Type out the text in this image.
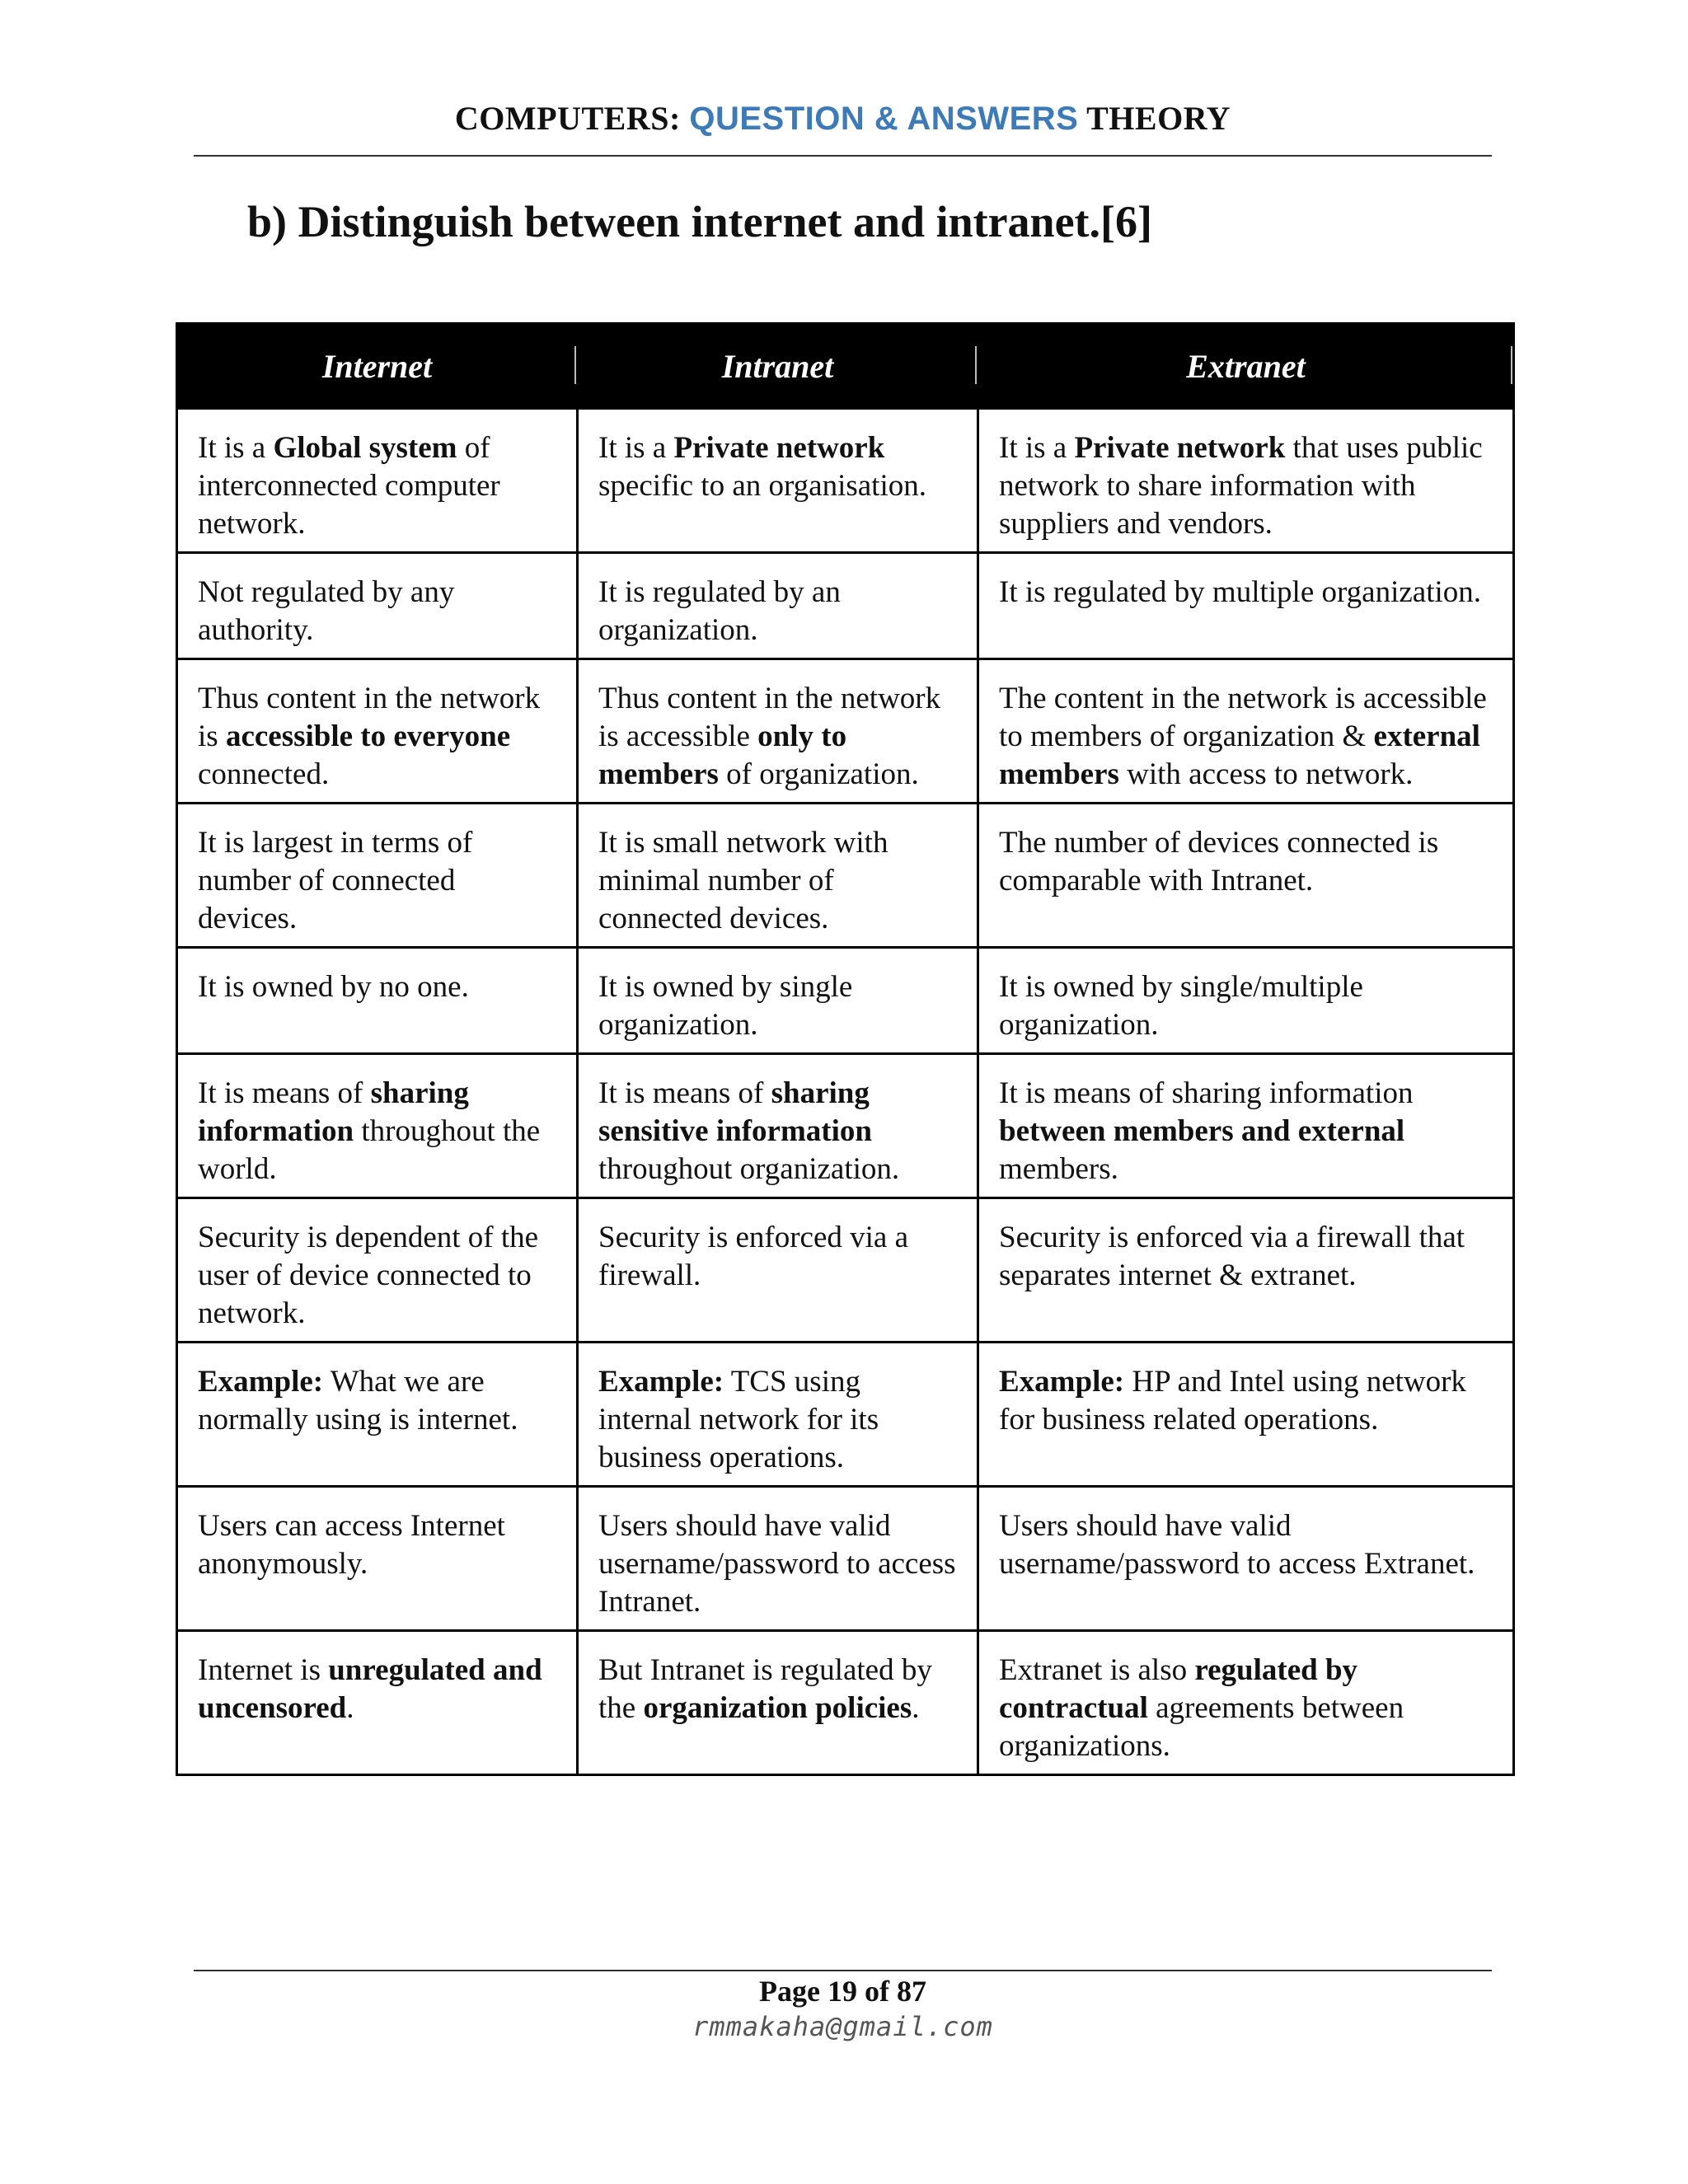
COMPUTERS: QUESTION & ANSWERS THEORY
b) Distinguish between internet and intranet.[6]
Internet	Intranet	Extranet

It is a Global system of interconnected computer network.	It is a Private network specific to an organisation.	It is a Private network that uses public network to share information with suppliers and vendors.
Not regulated by any authority.	It is regulated by an organization.	It is regulated by multiple organization.
Thus content in the network is accessible to everyone connected.	Thus content in the network is accessible only to members of organization.	The content in the network is accessible to members of organization & external members with access to network.
It is largest in terms of number of connected devices.	It is small network with minimal number of connected devices.	The number of devices connected is comparable with Intranet.
It is owned by no one.	It is owned by single organization.	It is owned by single/multiple organization.
It is means of sharing information throughout the world.	It is means of sharing sensitive information throughout organization.	It is means of sharing information between members and external members.
Security is dependent of the user of device connected to network.	Security is enforced via a firewall.	Security is enforced via a firewall that separates internet & extranet.
Example: What we are normally using is internet.	Example: TCS using internal network for its business operations.	Example: HP and Intel using network for business related operations.
Users can access Internet anonymously.	Users should have valid username/password to access Intranet.	Users should have valid username/password to access Extranet.
Internet is unregulated and uncensored.	But Intranet is regulated by the organization policies.	Extranet is also regulated by contractual agreements between organizations.
Page 19 of 87
rmmakaha@gmail.com
